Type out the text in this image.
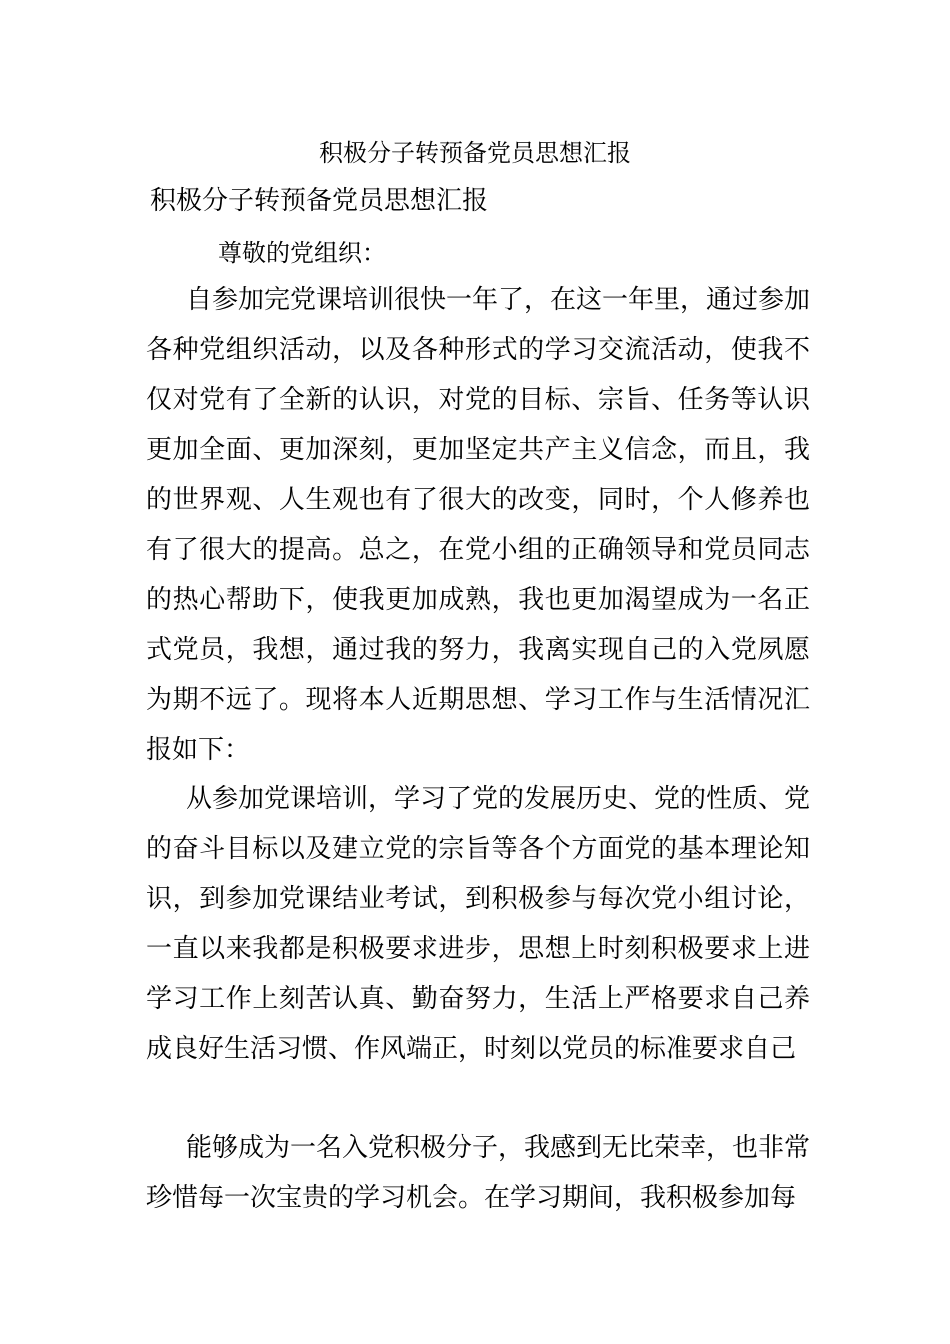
积极分子转预备党员思想汇报
积极分子转预备党员思想汇报
尊敬的党组织：

自参加完党课培训很快一年了，在这一年里，通过参加各种党组织活动，以及各种形式的学习交流活动，使我不仅对党有了全新的认识，对党的目标、宗旨、任务等认识更加全面、更加深刻，更加坚定共产主义信念，而且，我的世界观、人生观也有了很大的改变，同时，个人修养也有了很大的提高。总之，在党小组的正确领导和党员同志的热心帮助下，使我更加成熟，我也更加渴望成为一名正式党员，我想，通过我的努力，我离实现自己的入党夙愿为期不远了。现将本人近期思想、学习工作与生活情况汇报如下：

从参加党课培训，学习了党的发展历史、党的性质、党的奋斗目标以及建立党的宗旨等各个方面党的基本理论知识，到参加党课结业考试，到积极参与每次党小组讨论，一直以来我都是积极要求进步，思想上时刻积极要求上进学习工作上刻苦认真、勤奋努力，生活上严格要求自己养成良好生活习惯、作风端正，时刻以党员的标准要求自己

能够成为一名入党积极分子，我感到无比荣幸，也非常珍惜每一次宝贵的学习机会。在学习期间，我积极参加每
